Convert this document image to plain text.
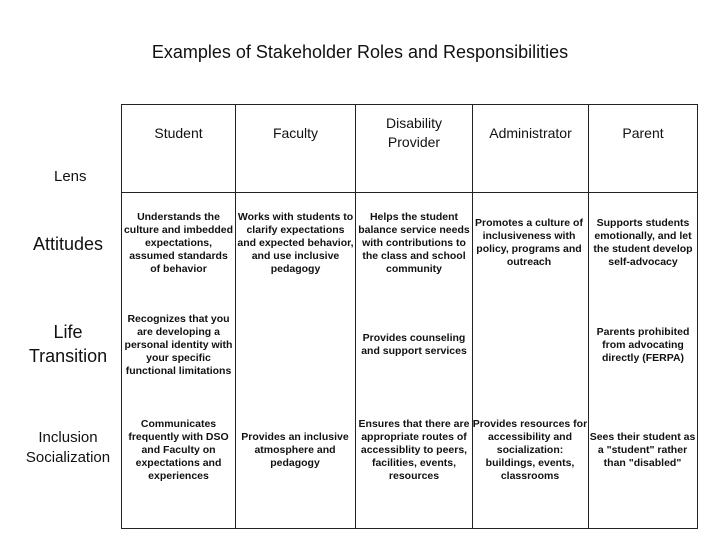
Examples of Stakeholder Roles and Responsibilities
Student	Faculty
Disability
Provider
Administrator	Parent
Lens
Attitudes
Understands the culture and imbedded expectations, assumed standards of behavior
Works with students to clarify expectations and expected behavior, and use inclusive pedagogy
Helps the student balance service needs with contributions to the class and school community
Promotes a culture of inclusiveness with policy, programs and outreach
Supports students emotionally, and let the student develop self-advocacy
Life
Transition
Recognizes that you are developing a personal identity with your specific functional limitations
Provides counseling and support services
Parents prohibited from advocating directly (FERPA)
Inclusion
Socialization
Communicates frequently with DSO and Faculty on expectations and experiences
Provides an inclusive atmosphere and pedagogy
Ensures that there are appropriate routes of accessiblity to peers, facilities, events, resources
Provides resources for accessibility and socialization: buildings, events, classrooms
Sees their student as a "student" rather than "disabled"
